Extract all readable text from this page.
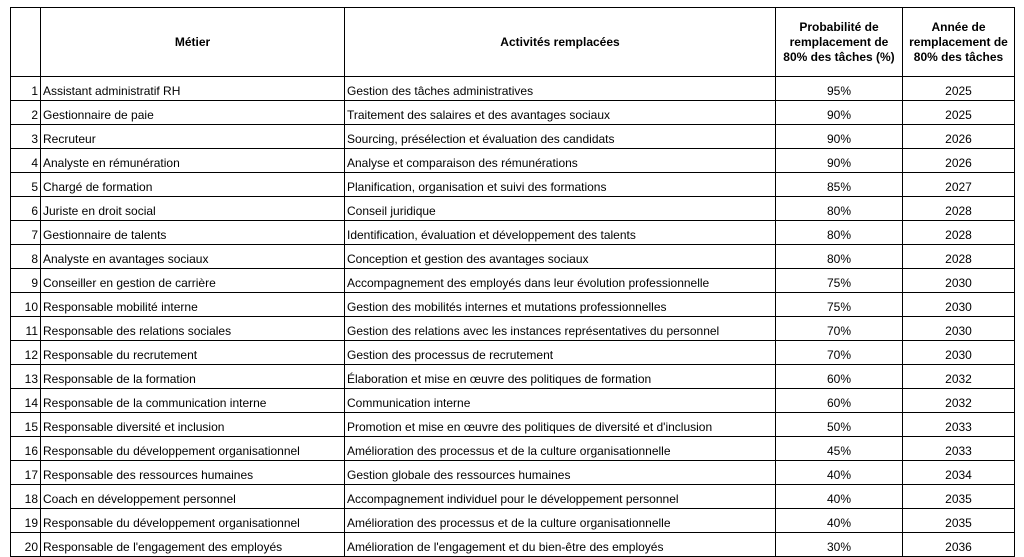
	Métier	Activités remplacées	Probabilité de remplacement de 80% des tâches (%)	Année de remplacement de 80% des tâches
1	Assistant administratif RH	Gestion des tâches administratives	95%	2025
2	Gestionnaire de paie	Traitement des salaires et des avantages sociaux	90%	2025
3	Recruteur	Sourcing, présélection et évaluation des candidats	90%	2026
4	Analyste en rémunération	Analyse et comparaison des rémunérations	90%	2026
5	Chargé de formation	Planification, organisation et suivi des formations	85%	2027
6	Juriste en droit social	Conseil juridique	80%	2028
7	Gestionnaire de talents	Identification, évaluation et développement des talents	80%	2028
8	Analyste en avantages sociaux	Conception et gestion des avantages sociaux	80%	2028
9	Conseiller en gestion de carrière	Accompagnement des employés dans leur évolution professionnelle	75%	2030
10	Responsable mobilité interne	Gestion des mobilités internes et mutations professionnelles	75%	2030
11	Responsable des relations sociales	Gestion des relations avec les instances représentatives du personnel	70%	2030
12	Responsable du recrutement	Gestion des processus de recrutement	70%	2030
13	Responsable de la formation	Élaboration et mise en œuvre des politiques de formation	60%	2032
14	Responsable de la communication interne	Communication interne	60%	2032
15	Responsable diversité et inclusion	Promotion et mise en œuvre des politiques de diversité et d'inclusion	50%	2033
16	Responsable du développement organisationnel	Amélioration des processus et de la culture organisationnelle	45%	2033
17	Responsable des ressources humaines	Gestion globale des ressources humaines	40%	2034
18	Coach en développement personnel	Accompagnement individuel pour le développement personnel	40%	2035
19	Responsable du développement organisationnel	Amélioration des processus et de la culture organisationnelle	40%	2035
20	Responsable de l'engagement des employés	Amélioration de l'engagement et du bien-être des employés	30%	2036
